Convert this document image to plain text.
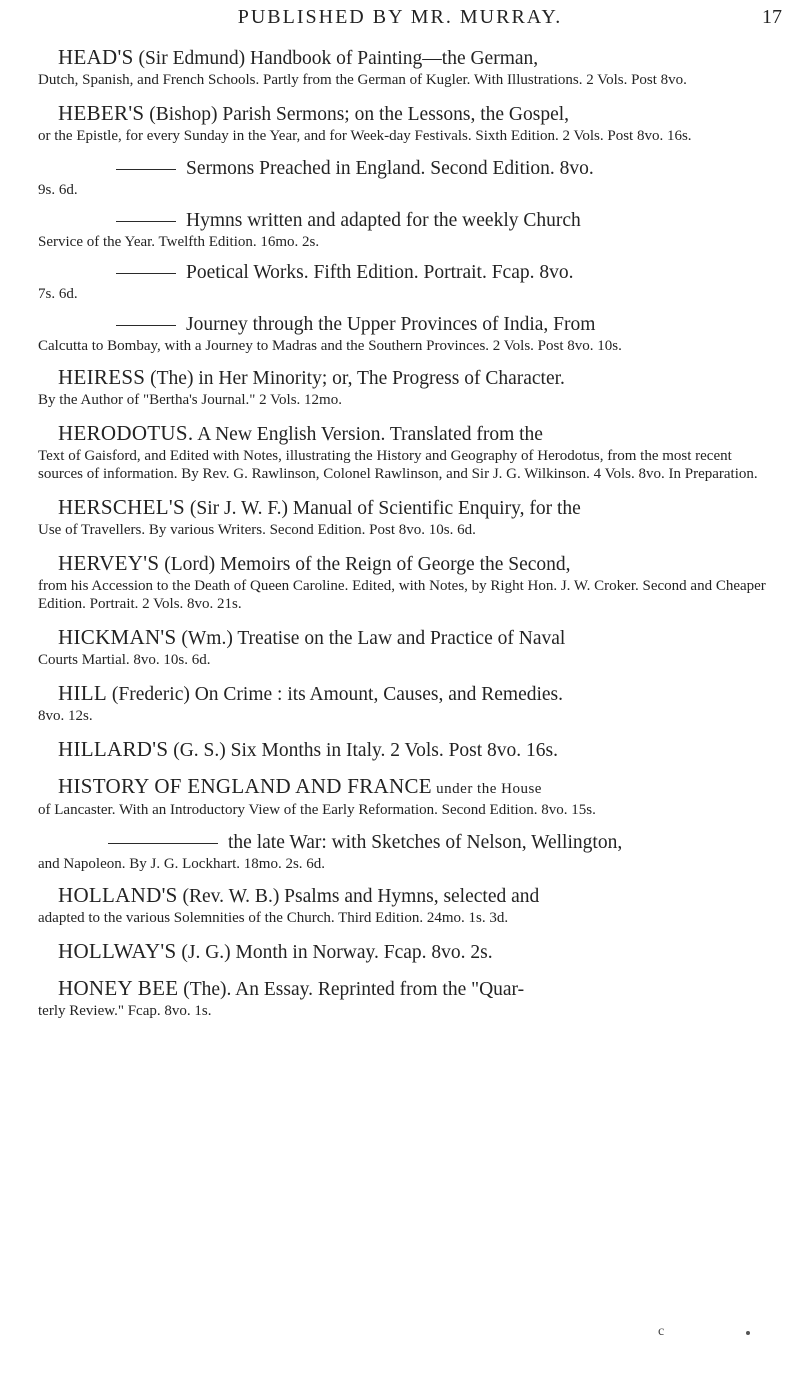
PUBLISHED BY MR. MURRAY.	17

HEAD'S (Sir Edmund) Handbook of Painting—the German,

Dutch, Spanish, and French Schools. Partly from the German of Kugler. With Illustrations. 2 Vols. Post 8vo.

HEBER'S (Bishop) Parish Sermons; on the Lessons, the Gospel,

or the Epistle, for every Sunday in the Year, and for Week-day Festivals. Sixth Edition. 2 Vols. Post 8vo. 16s.

Sermons Preached in England. Second Edition. 8vo.

9s. 6d.

Hymns written and adapted for the weekly Church

Service of the Year. Twelfth Edition. 16mo. 2s.

Poetical Works. Fifth Edition. Portrait. Fcap. 8vo.

7s. 6d.

Journey through the Upper Provinces of India, From

Calcutta to Bombay, with a Journey to Madras and the Southern Provinces. 2 Vols. Post 8vo. 10s.

HEIRESS (The) in Her Minority; or, The Progress of Character.

By the Author of "Bertha's Journal." 2 Vols. 12mo.

HERODOTUS. A New English Version. Translated from the

Text of Gaisford, and Edited with Notes, illustrating the History and Geography of Herodotus, from the most recent sources of information. By Rev. G. Rawlinson, Colonel Rawlinson, and Sir J. G. Wilkinson. 4 Vols. 8vo. In Preparation.

HERSCHEL'S (Sir J. W. F.) Manual of Scientific Enquiry, for the

Use of Travellers. By various Writers. Second Edition. Post 8vo. 10s. 6d.

HERVEY'S (Lord) Memoirs of the Reign of George the Second,

from his Accession to the Death of Queen Caroline. Edited, with Notes, by Right Hon. J. W. Croker. Second and Cheaper Edition. Portrait. 2 Vols. 8vo. 21s.

HICKMAN'S (Wm.) Treatise on the Law and Practice of Naval

Courts Martial. 8vo. 10s. 6d.

HILL (Frederic) On Crime : its Amount, Causes, and Remedies.

8vo. 12s.

HILLARD'S (G. S.) Six Months in Italy. 2 Vols. Post 8vo. 16s.

HISTORY OF ENGLAND AND FRANCE under the House

of Lancaster. With an Introductory View of the Early Reformation. Second Edition. 8vo. 15s.

the late War: with Sketches of Nelson, Wellington,

and Napoleon. By J. G. Lockhart. 18mo. 2s. 6d.

HOLLAND'S (Rev. W. B.) Psalms and Hymns, selected and

adapted to the various Solemnities of the Church. Third Edition. 24mo. 1s. 3d.

HOLLWAY'S (J. G.) Month in Norway. Fcap. 8vo. 2s.

HONEY BEE (The). An Essay. Reprinted from the "Quar-

terly Review." Fcap. 8vo. 1s.

c
